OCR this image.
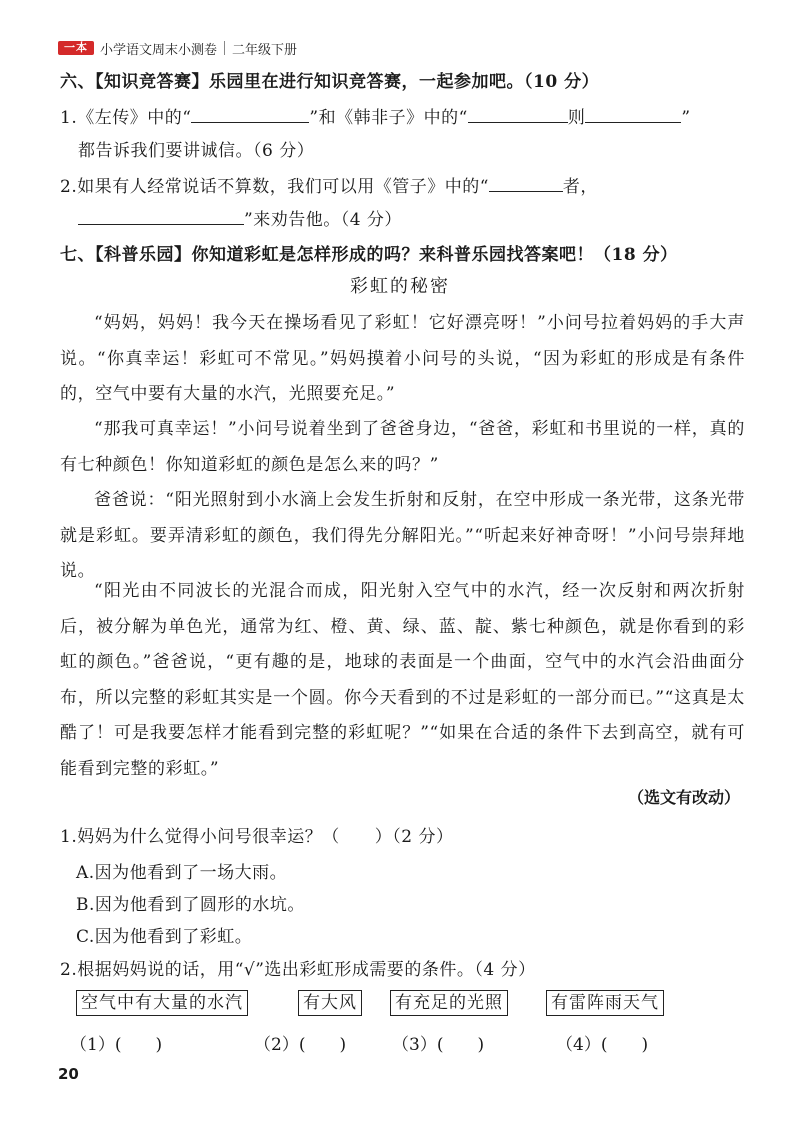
一本 小学语文周末小测卷 二年级下册
六、【知识竞答赛】乐园里在进行知识竞答赛，一起参加吧。（10 分）
1.《左传》中的“	”和《韩非子》中的“	则	”
都告诉我们要讲诚信。（6 分）
2.如果有人经常说话不算数，我们可以用《管子》中的“	者，
”来劝告他。（4 分）
七、【科普乐园】你知道彩虹是怎样形成的吗？来科普乐园找答案吧！（18 分）
彩虹的秘密

“妈妈，妈妈！我今天在操场看见了彩虹！它好漂亮呀！”小问号拉着妈妈的手大声说。“你真幸运！彩虹可不常见。”妈妈摸着小问号的头说，“因为彩虹的形成是有条件的，空气中要有大量的水汽，光照要充足。”

“那我可真幸运！”小问号说着坐到了爸爸身边，“爸爸，彩虹和书里说的一样，真的有七种颜色！你知道彩虹的颜色是怎么来的吗？”

爸爸说：“阳光照射到小水滴上会发生折射和反射，在空中形成一条光带，这条光带就是彩虹。要弄清彩虹的颜色，我们得先分解阳光。”“听起来好神奇呀！”小问号崇拜地说。

“阳光由不同波长的光混合而成，阳光射入空气中的水汽，经一次反射和两次折射后，被分解为单色光，通常为红、橙、黄、绿、蓝、靛、紫七种颜色，就是你看到的彩虹的颜色。”爸爸说，“更有趣的是，地球的表面是一个曲面，空气中的水汽会沿曲面分布，所以完整的彩虹其实是一个圆。你今天看到的不过是彩虹的一部分而已。”“这真是太酷了！可是我要怎样才能看到完整的彩虹呢？”“如果在合适的条件下去到高空，就有可能看到完整的彩虹。”

（选文有改动）
1.妈妈为什么觉得小问号很幸运？（　　）（2 分）
A.因为他看到了一场大雨。
B.因为他看到了圆形的水坑。
C.因为他看到了彩虹。
2.根据妈妈说的话，用“√”选出彩虹形成需要的条件。（4 分）
空气中有大量的水汽	有大风 有充足的光照	有雷阵雨天气
（1）(　　)	（2）(　　)	（3）(　　)	（4）(　　)
20
